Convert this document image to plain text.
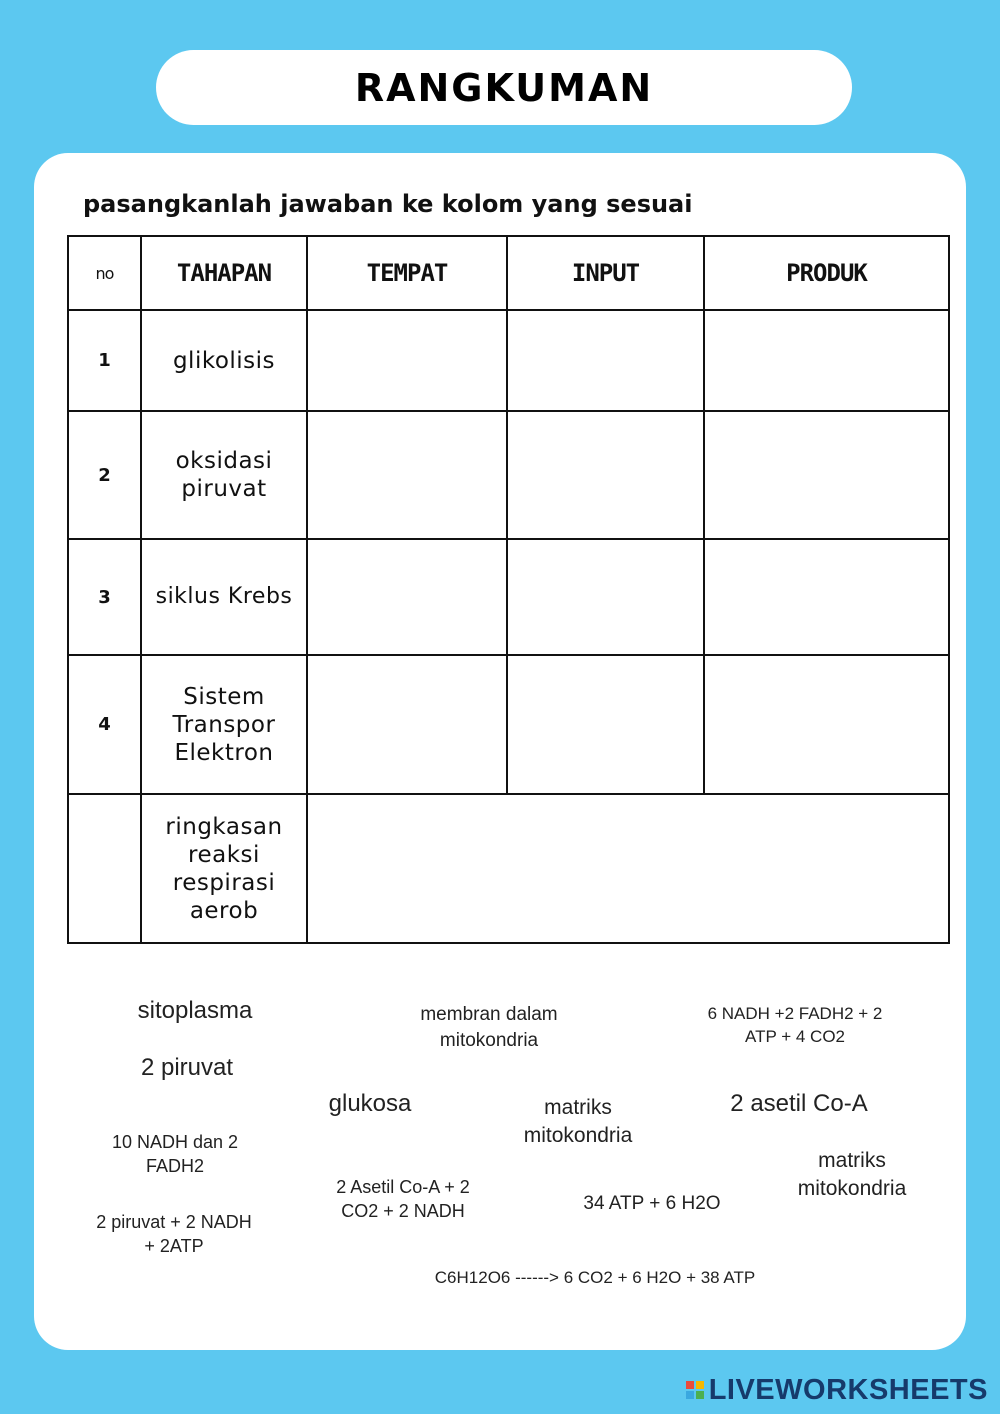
RANGKUMAN
pasangkanlah jawaban ke kolom yang sesuai
no	TAHAPAN	TEMPAT	INPUT	PRODUK
1	glikolisis			
2	oksidasi piruvat			
3	siklus Krebs			
4	Sistem Transpor Elektron			
	ringkasan reaksi respirasi aerob			
sitoplasma
2 piruvat
10 NADH dan 2 FADH2
2 piruvat + 2 NADH + 2ATP
membran dalam mitokondria
glukosa
2 Asetil Co-A + 2 CO2 + 2 NADH
matriks mitokondria
34 ATP + 6 H2O
6 NADH +2 FADH2 + 2 ATP + 4 CO2
2 asetil Co-A
matriks mitokondria
C6H12O6 ------> 6 CO2 + 6 H2O + 38 ATP
LIVEWORKSHEETS
